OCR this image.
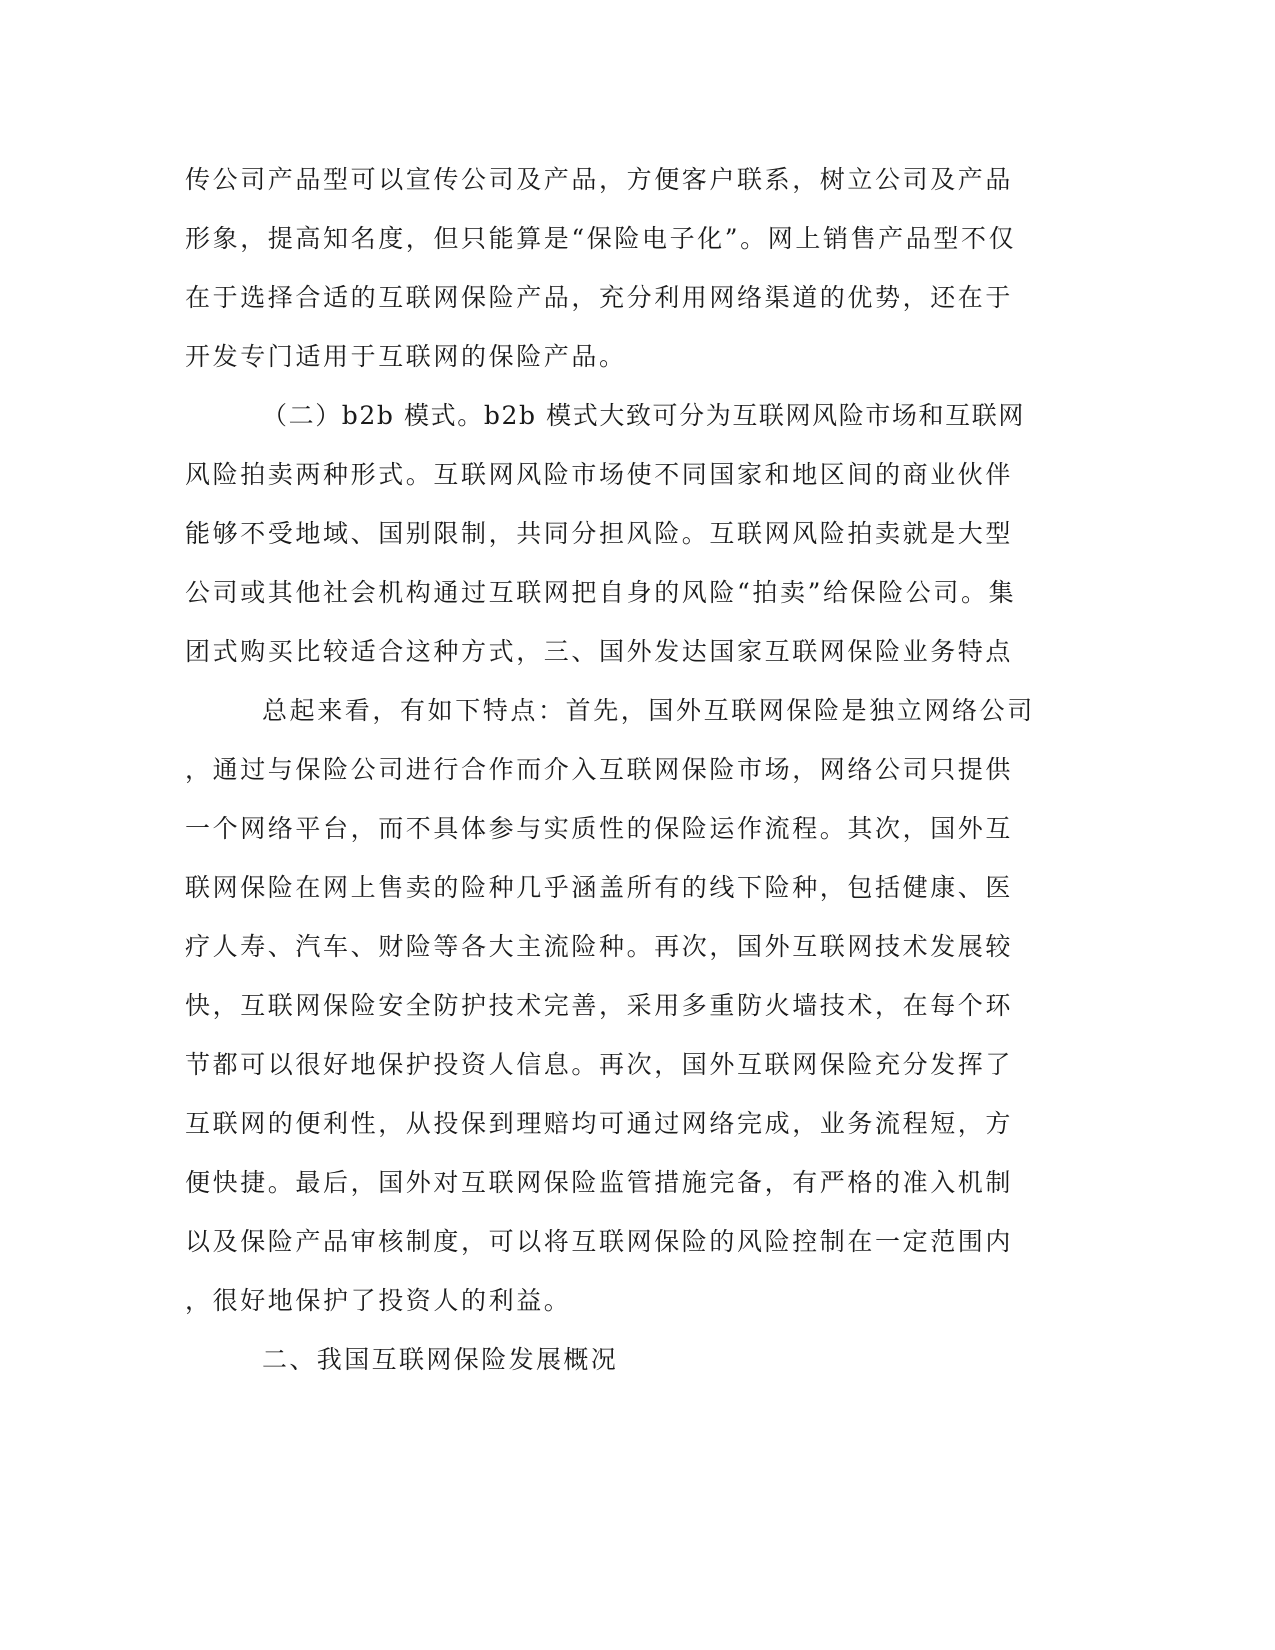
传公司产品型可以宣传公司及产品，方便客户联系，树立公司及产品
形象，提高知名度，但只能算是“保险电子化”。网上销售产品型不仅
在于选择合适的互联网保险产品，充分利用网络渠道的优势，还在于
开发专门适用于互联网的保险产品。
（二）b2b 模式。b2b 模式大致可分为互联网风险市场和互联网
风险拍卖两种形式。互联网风险市场使不同国家和地区间的商业伙伴
能够不受地域、国别限制，共同分担风险。互联网风险拍卖就是大型
公司或其他社会机构通过互联网把自身的风险“拍卖”给保险公司。集
团式购买比较适合这种方式，三、国外发达国家互联网保险业务特点
总起来看，有如下特点：首先，国外互联网保险是独立网络公司
，通过与保险公司进行合作而介入互联网保险市场，网络公司只提供
一个网络平台，而不具体参与实质性的保险运作流程。其次，国外互
联网保险在网上售卖的险种几乎涵盖所有的线下险种，包括健康、医
疗人寿、汽车、财险等各大主流险种。再次，国外互联网技术发展较
快，互联网保险安全防护技术完善，采用多重防火墙技术，在每个环
节都可以很好地保护投资人信息。再次，国外互联网保险充分发挥了
互联网的便利性，从投保到理赔均可通过网络完成，业务流程短，方
便快捷。最后，国外对互联网保险监管措施完备，有严格的准入机制
以及保险产品审核制度，可以将互联网保险的风险控制在一定范围内
，很好地保护了投资人的利益。
二、我国互联网保险发展概况
